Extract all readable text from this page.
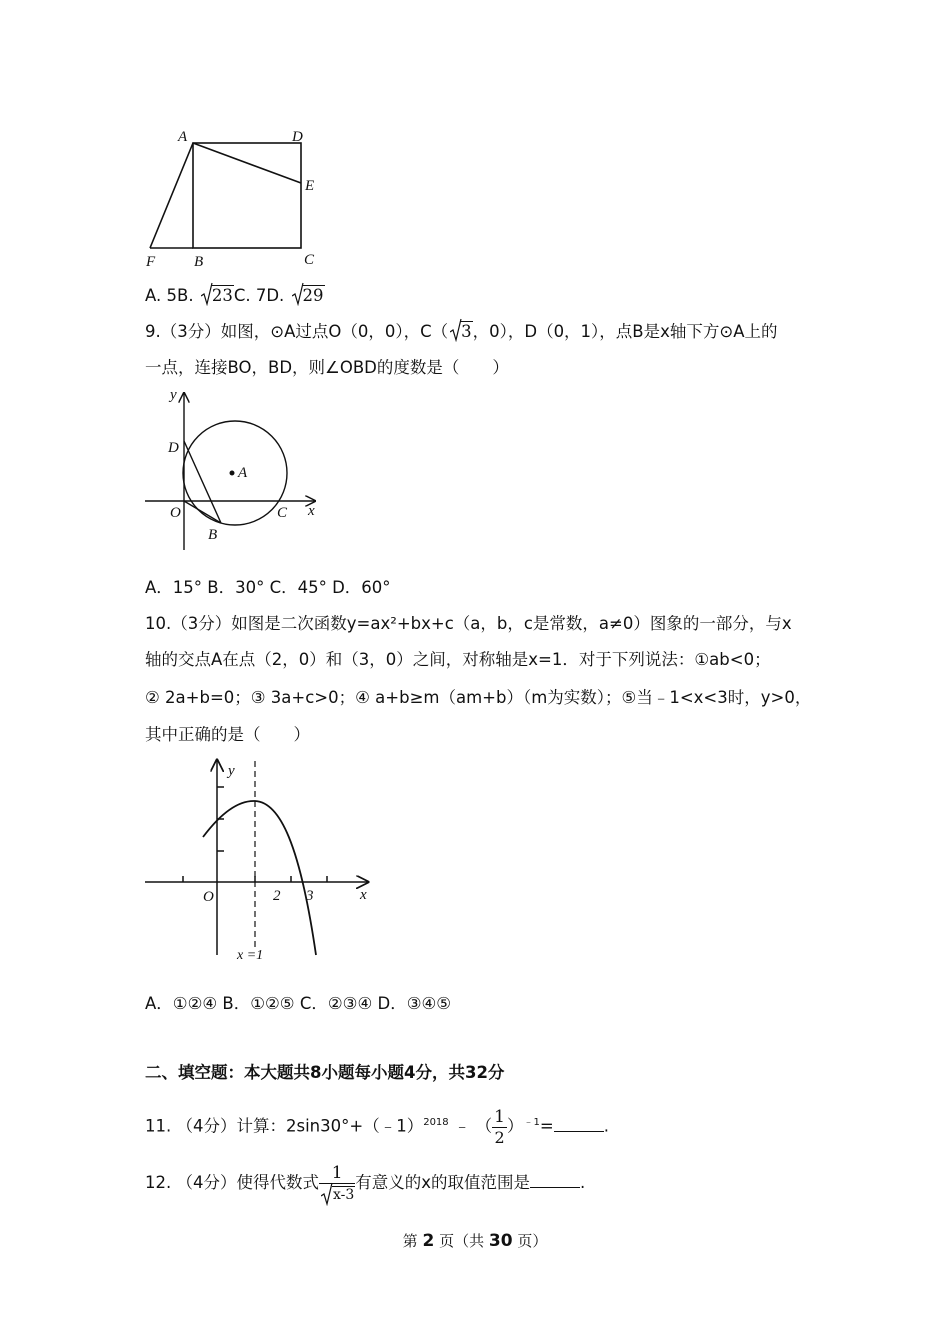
A	D
E
F	B	C
A. 5B. 23C. 7D. 29
9.（3分）如图，⊙A过点O（0，0），C（ 3，0），D（0，1），点B是x轴下方⊙A上的
一点，连接BO，BD，则∠OBD的度数是（　　）
y
D
A
O	C x
B
A．15° B．30° C．45° D．60°
10.（3分）如图是二次函数y=ax²+bx+c（a，b，c是常数，a≠0）图象的一部分，与x
轴的交点A在点（2，0）和（3，0）之间，对称轴是x=1．对于下列说法：①ab<0；
② 2a+b=0；③ 3a+c>0；④ a+b≥m（am+b）（m为实数）；⑤当﹣1<x<3时，y>0，
其中正确的是（　　）
y
O	2 3	x
x =1
A．①②④ B．①②⑤ C．②③④ D．③④⑤
二、填空题：本大题共8小题每小题4分，共32分
11. （4分）计算：2sin30°+（﹣1）$^{2018}$ ﹣ （ $\frac{1}{2} )^{﹣1}=$	.
12. （4分）使得代数式 $\frac{1}{x-3}$ 有意义的x的取值范围是	.
第 2 页（共 30 页）
